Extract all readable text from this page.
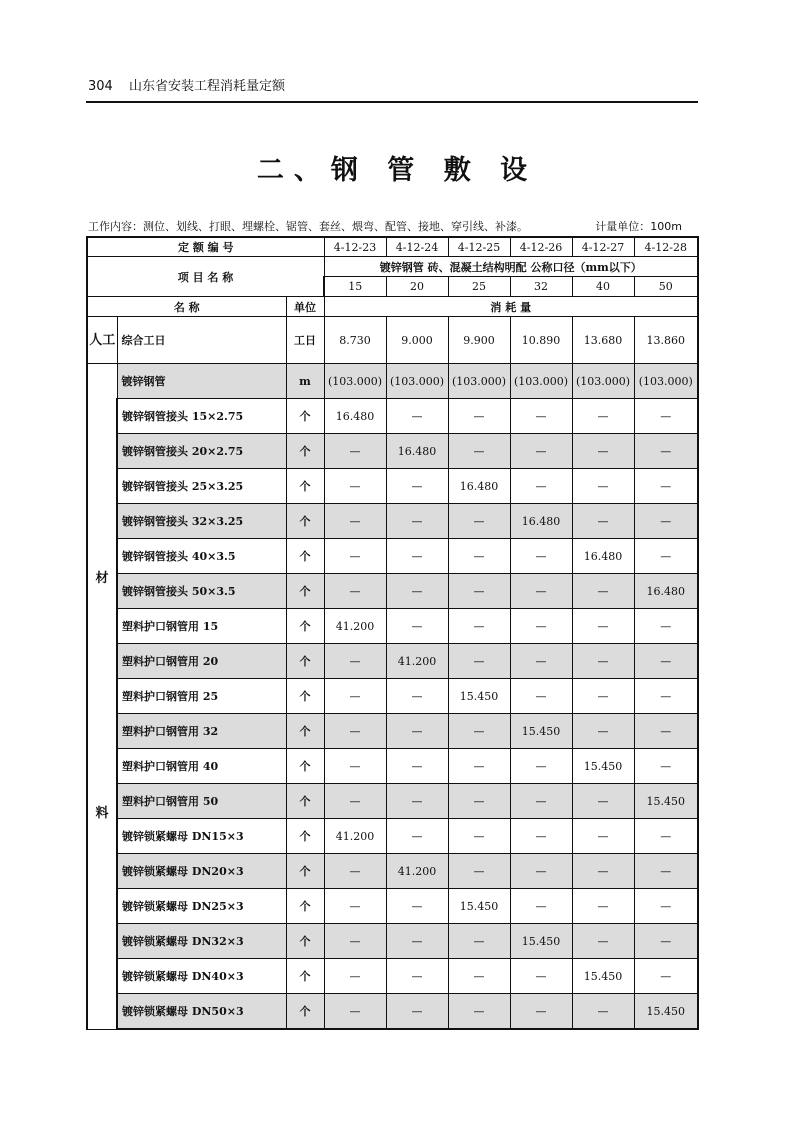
304 山东省安装工程消耗量定额
二、钢 管 敷 设
工作内容：测位、划线、打眼、埋螺栓、锯管、套丝、煨弯、配管、接地、穿引线、补漆。	计量单位：100m
定 额 编 号			4-12-23	4-12-24	4-12-25	4-12-26	4-12-27	4-12-28
项 目 名 称			镀锌钢管 砖、混凝土结构明配 公称口径（mm以下）					
			15	20	25	32	40	50
名 称		单位	消 耗 量					
人工	综合工日	工日	8.730	9.000	9.900	10.890	13.680	13.860

材
料	镀锌钢管	m	(103.000)	(103.000)	(103.000)	(103.000)	(103.000)	(103.000)
	镀锌钢管接头 15×2.75	个	16.480	—	—	—	—	—
	镀锌钢管接头 20×2.75	个	—	16.480	—	—	—	—
	镀锌钢管接头 25×3.25	个	—	—	16.480	—	—	—
	镀锌钢管接头 32×3.25	个	—	—	—	16.480	—	—
	镀锌钢管接头 40×3.5	个	—	—	—	—	16.480	—
	镀锌钢管接头 50×3.5	个	—	—	—	—	—	16.480
	塑料护口钢管用 15	个	41.200	—	—	—	—	—
	塑料护口钢管用 20	个	—	41.200	—	—	—	—
	塑料护口钢管用 25	个	—	—	15.450	—	—	—
	塑料护口钢管用 32	个	—	—	—	15.450	—	—
	塑料护口钢管用 40	个	—	—	—	—	15.450	—
	塑料护口钢管用 50	个	—	—	—	—	—	15.450
	镀锌锁紧螺母 DN15×3	个	41.200	—	—	—	—	—
	镀锌锁紧螺母 DN20×3	个	—	41.200	—	—	—	—
	镀锌锁紧螺母 DN25×3	个	—	—	15.450	—	—	—
	镀锌锁紧螺母 DN32×3	个	—	—	—	15.450	—	—
	镀锌锁紧螺母 DN40×3	个	—	—	—	—	15.450	—
	镀锌锁紧螺母 DN50×3	个	—	—	—	—	—	15.450
